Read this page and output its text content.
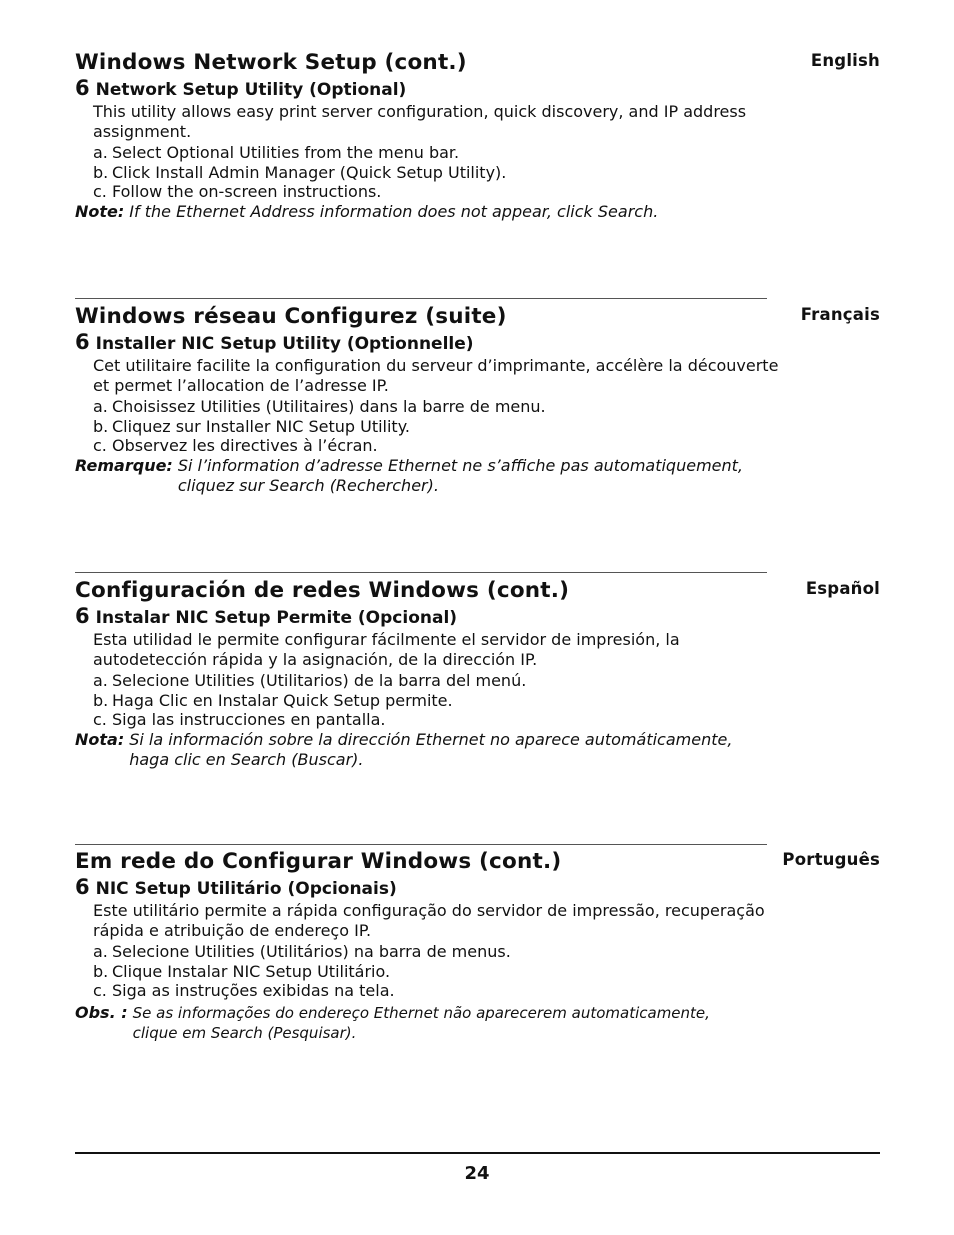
English
Windows Network Setup (cont.)

6 Network Setup Utility (Optional)

This utility allows easy print server configuration, quick discovery, and IP address assignment.

a. Select Optional Utilities from the menu bar.
b. Click Install Admin Manager (Quick Setup Utility).
c. Follow the on-screen instructions.

Note: If the Ethernet Address information does not appear, click Search.

Français
Windows réseau Configurez (suite)

6 Installer NIC Setup Utility (Optionnelle)

Cet utilitaire facilite la configuration du serveur d’imprimante, accélère la découverte et permet l’allocation de l’adresse IP.

a. Choisissez Utilities (Utilitaires) dans la barre de menu.
b. Cliquez sur Installer NIC Setup Utility.
c. Observez les directives à l’écran.

Remarque: Si l’information d’adresse Ethernet ne s’affiche pas automatiquement, cliquez sur Search (Rechercher).

Español
Configuración de redes Windows (cont.)

6 Instalar NIC Setup Permite (Opcional)

Esta utilidad le permite configurar fácilmente el servidor de impresión, la autodetección rápida y la asignación, de la dirección IP.

a. Selecione Utilities (Utilitarios) de la barra del menú.
b. Haga Clic en Instalar Quick Setup permite.
c. Siga las instrucciones en pantalla.

Nota: Si la información sobre la dirección Ethernet no aparece automáticamente, haga clic en Search (Buscar).

Português
Em rede do Configurar Windows (cont.)

6 NIC Setup Utilitário (Opcionais)

Este utilitário permite a rápida configuração do servidor de impressão, recuperação rápida e atribuição de endereço IP.

a. Selecione Utilities (Utilitários) na barra de menus.
b. Clique Instalar NIC Setup Utilitário.
c. Siga as instruções exibidas na tela.

Obs. : Se as informações do endereço Ethernet não aparecerem automaticamente, clique em Search (Pesquisar).

24
